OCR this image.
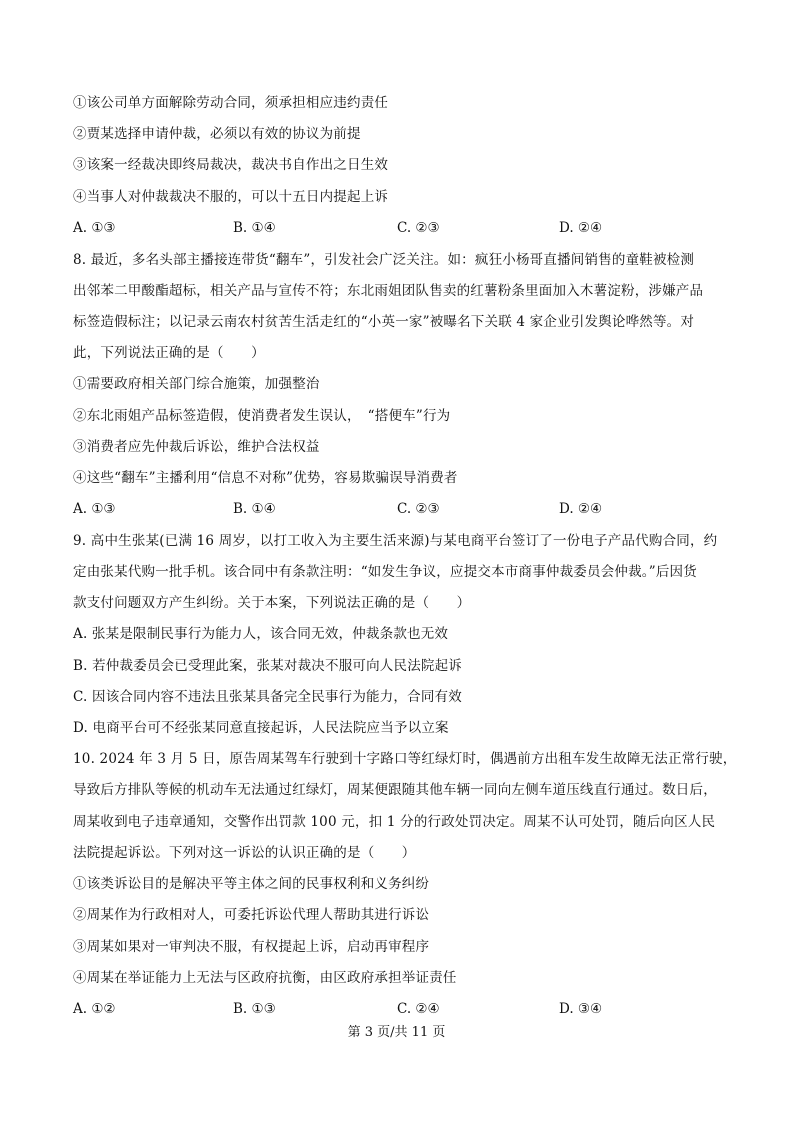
①该公司单方面解除劳动合同，须承担相应违约责任
②贾某选择申请仲裁，必须以有效的协议为前提
③该案一经裁决即终局裁决，裁决书自作出之日生效
④当事人对仲裁裁决不服的，可以十五日内提起上诉
A. ①③	B. ①④	C. ②③	D. ②④
8. 最近，多名头部主播接连带货“翻车”，引发社会广泛关注。如：疯狂小杨哥直播间销售的童鞋被检测
出邻苯二甲酸酯超标，相关产品与宣传不符；东北雨姐团队售卖的红薯粉条里面加入木薯淀粉，涉嫌产品
标签造假标注；以记录云南农村贫苦生活走红的“小英一家”被曝名下关联 4 家企业引发舆论哗然等。对
此，下列说法正确的是（　　）
①需要政府相关部门综合施策，加强整治
②东北雨姐产品标签造假，使消费者发生误认，　“搭便车”行为
③消费者应先仲裁后诉讼，维护合法权益
④这些“翻车”主播利用“信息不对称”优势，容易欺骗误导消费者
A. ①③	B. ①④	C. ②③	D. ②④
9. 高中生张某(已满 16 周岁，以打工收入为主要生活来源)与某电商平台签订了一份电子产品代购合同，约
定由张某代购一批手机。该合同中有条款注明：“如发生争议，应提交本市商事仲裁委员会仲裁。”后因货
款支付问题双方产生纠纷。关于本案，下列说法正确的是（　　）
A. 张某是限制民事行为能力人，该合同无效，仲裁条款也无效
B. 若仲裁委员会已受理此案，张某对裁决不服可向人民法院起诉
C. 因该合同内容不违法且张某具备完全民事行为能力，合同有效
D. 电商平台可不经张某同意直接起诉，人民法院应当予以立案
10. 2024 年 3 月 5 日，原告周某驾车行驶到十字路口等红绿灯时，偶遇前方出租车发生故障无法正常行驶，
导致后方排队等候的机动车无法通过红绿灯，周某便跟随其他车辆一同向左侧车道压线直行通过。数日后，
周某收到电子违章通知，交警作出罚款 100 元，扣 1 分的行政处罚决定。周某不认可处罚，随后向区人民
法院提起诉讼。下列对这一诉讼的认识正确的是（　　）
①该类诉讼目的是解决平等主体之间的民事权利和义务纠纷
②周某作为行政相对人，可委托诉讼代理人帮助其进行诉讼
③周某如果对一审判决不服，有权提起上诉，启动再审程序
④周某在举证能力上无法与区政府抗衡，由区政府承担举证责任
A. ①②	B. ①③	C. ②④	D. ③④
第 3 页/共 11 页
